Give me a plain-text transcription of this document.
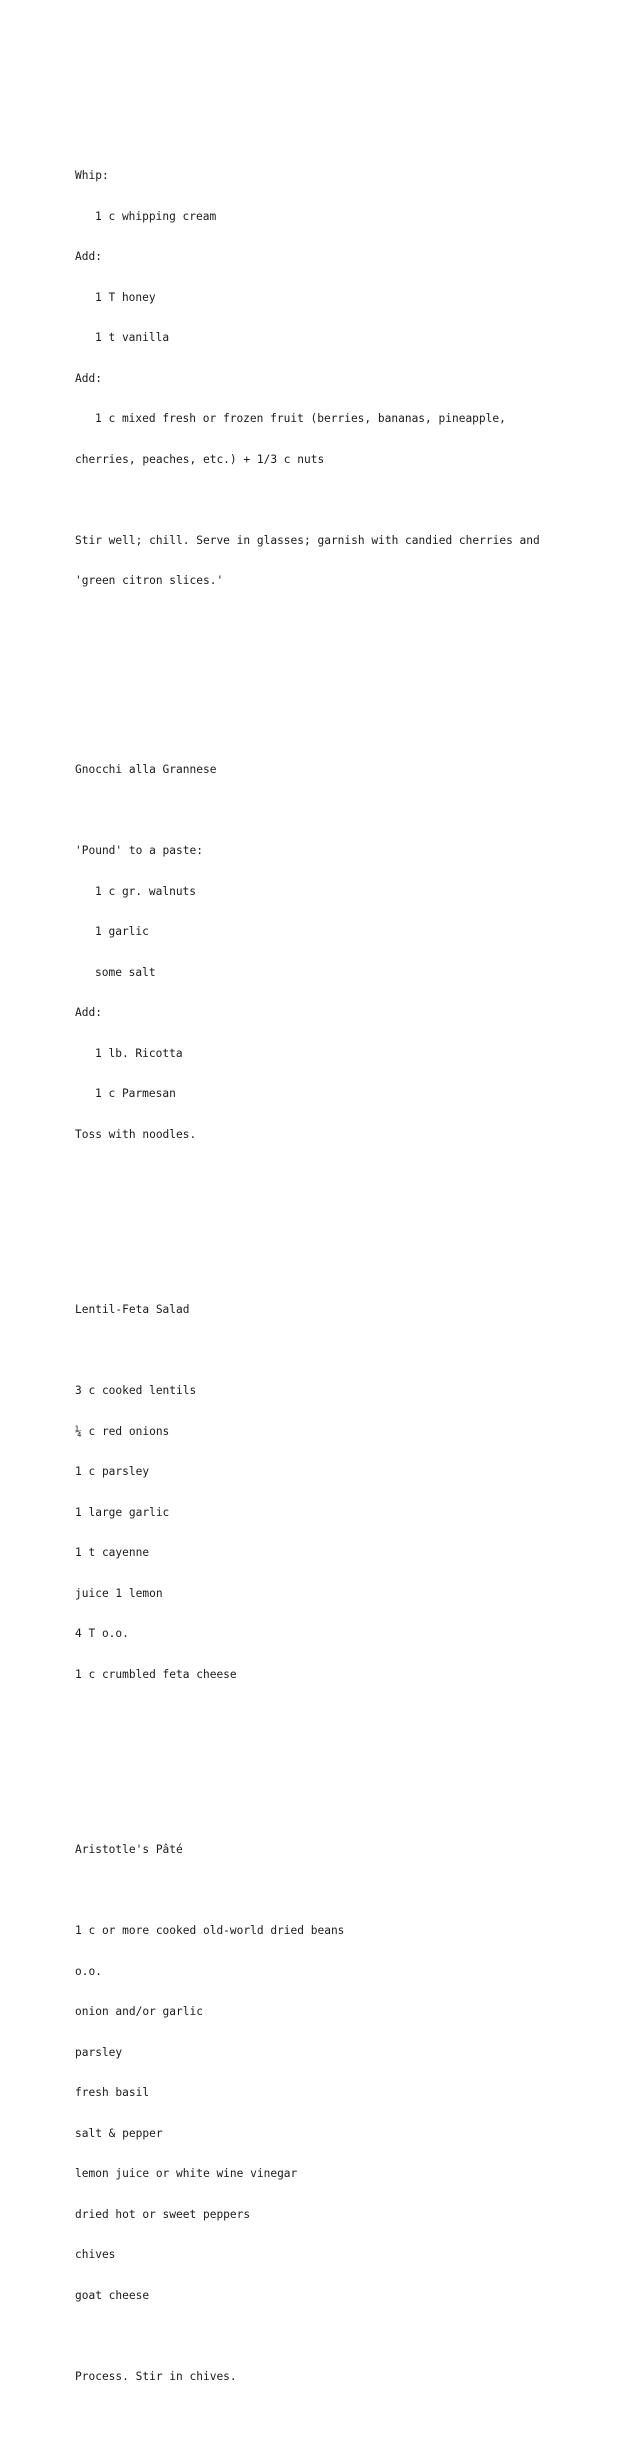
Whip:

1 c whipping cream

Add:

1 T honey

1 t vanilla

Add:

1 c mixed fresh or frozen fruit (berries, bananas, pineapple,

cherries, peaches, etc.) + 1/3 c nuts

Stir well; chill. Serve in glasses; garnish with candied cherries and

'green citron slices.'

Gnocchi alla Grannese

'Pound' to a paste:

1 c gr. walnuts

1 garlic

some salt

Add:

1 lb. Ricotta

1 c Parmesan

Toss with noodles.

Lentil-Feta Salad

3 c cooked lentils

¼ c red onions

1 c parsley

1 large garlic

1 t cayenne

juice 1 lemon

4 T o.o.

1 c crumbled feta cheese

Aristotle's Pâté

1 c or more cooked old-world dried beans

o.o.

onion and/or garlic

parsley

fresh basil

salt & pepper

lemon juice or white wine vinegar

dried hot or sweet peppers

chives

goat cheese

Process. Stir in chives.
